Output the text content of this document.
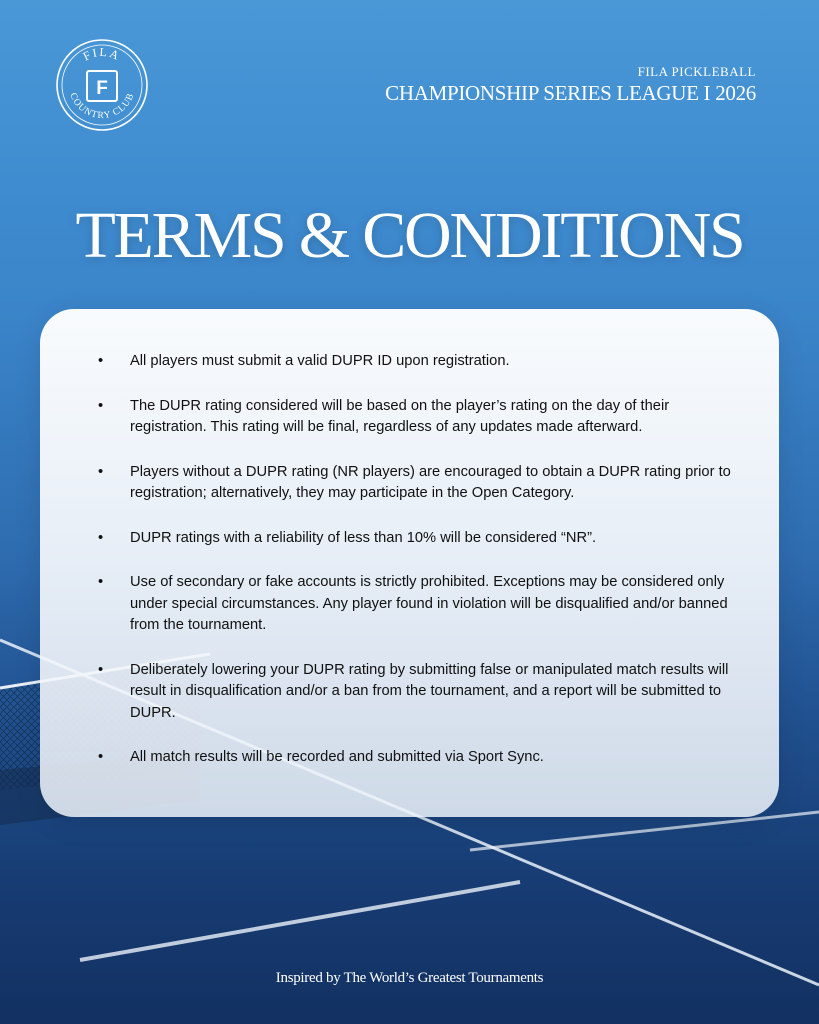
FILA
COUNTRY CLUB
F
FILA PICKLEBALL
CHAMPIONSHIP SERIES LEAGUE I 2026
TERMS & CONDITIONS
• All players must submit a valid DUPR ID upon registration.
• The DUPR rating considered will be based on the player’s rating on the day of their registration. This rating will be final, regardless of any updates made afterward.
• Players without a DUPR rating (NR players) are encouraged to obtain a DUPR rating prior to registration; alternatively, they may participate in the Open Category.
• DUPR ratings with a reliability of less than 10% will be considered “NR”.
• Use of secondary or fake accounts is strictly prohibited. Exceptions may be considered only under special circumstances. Any player found in violation will be disqualified and/or banned from the tournament.
• Deliberately lowering your DUPR rating by submitting false or manipulated match results will result in disqualification and/or a ban from the tournament, and a report will be submitted to DUPR.
• All match results will be recorded and submitted via Sport Sync.
Inspired by The World’s Greatest Tournaments
